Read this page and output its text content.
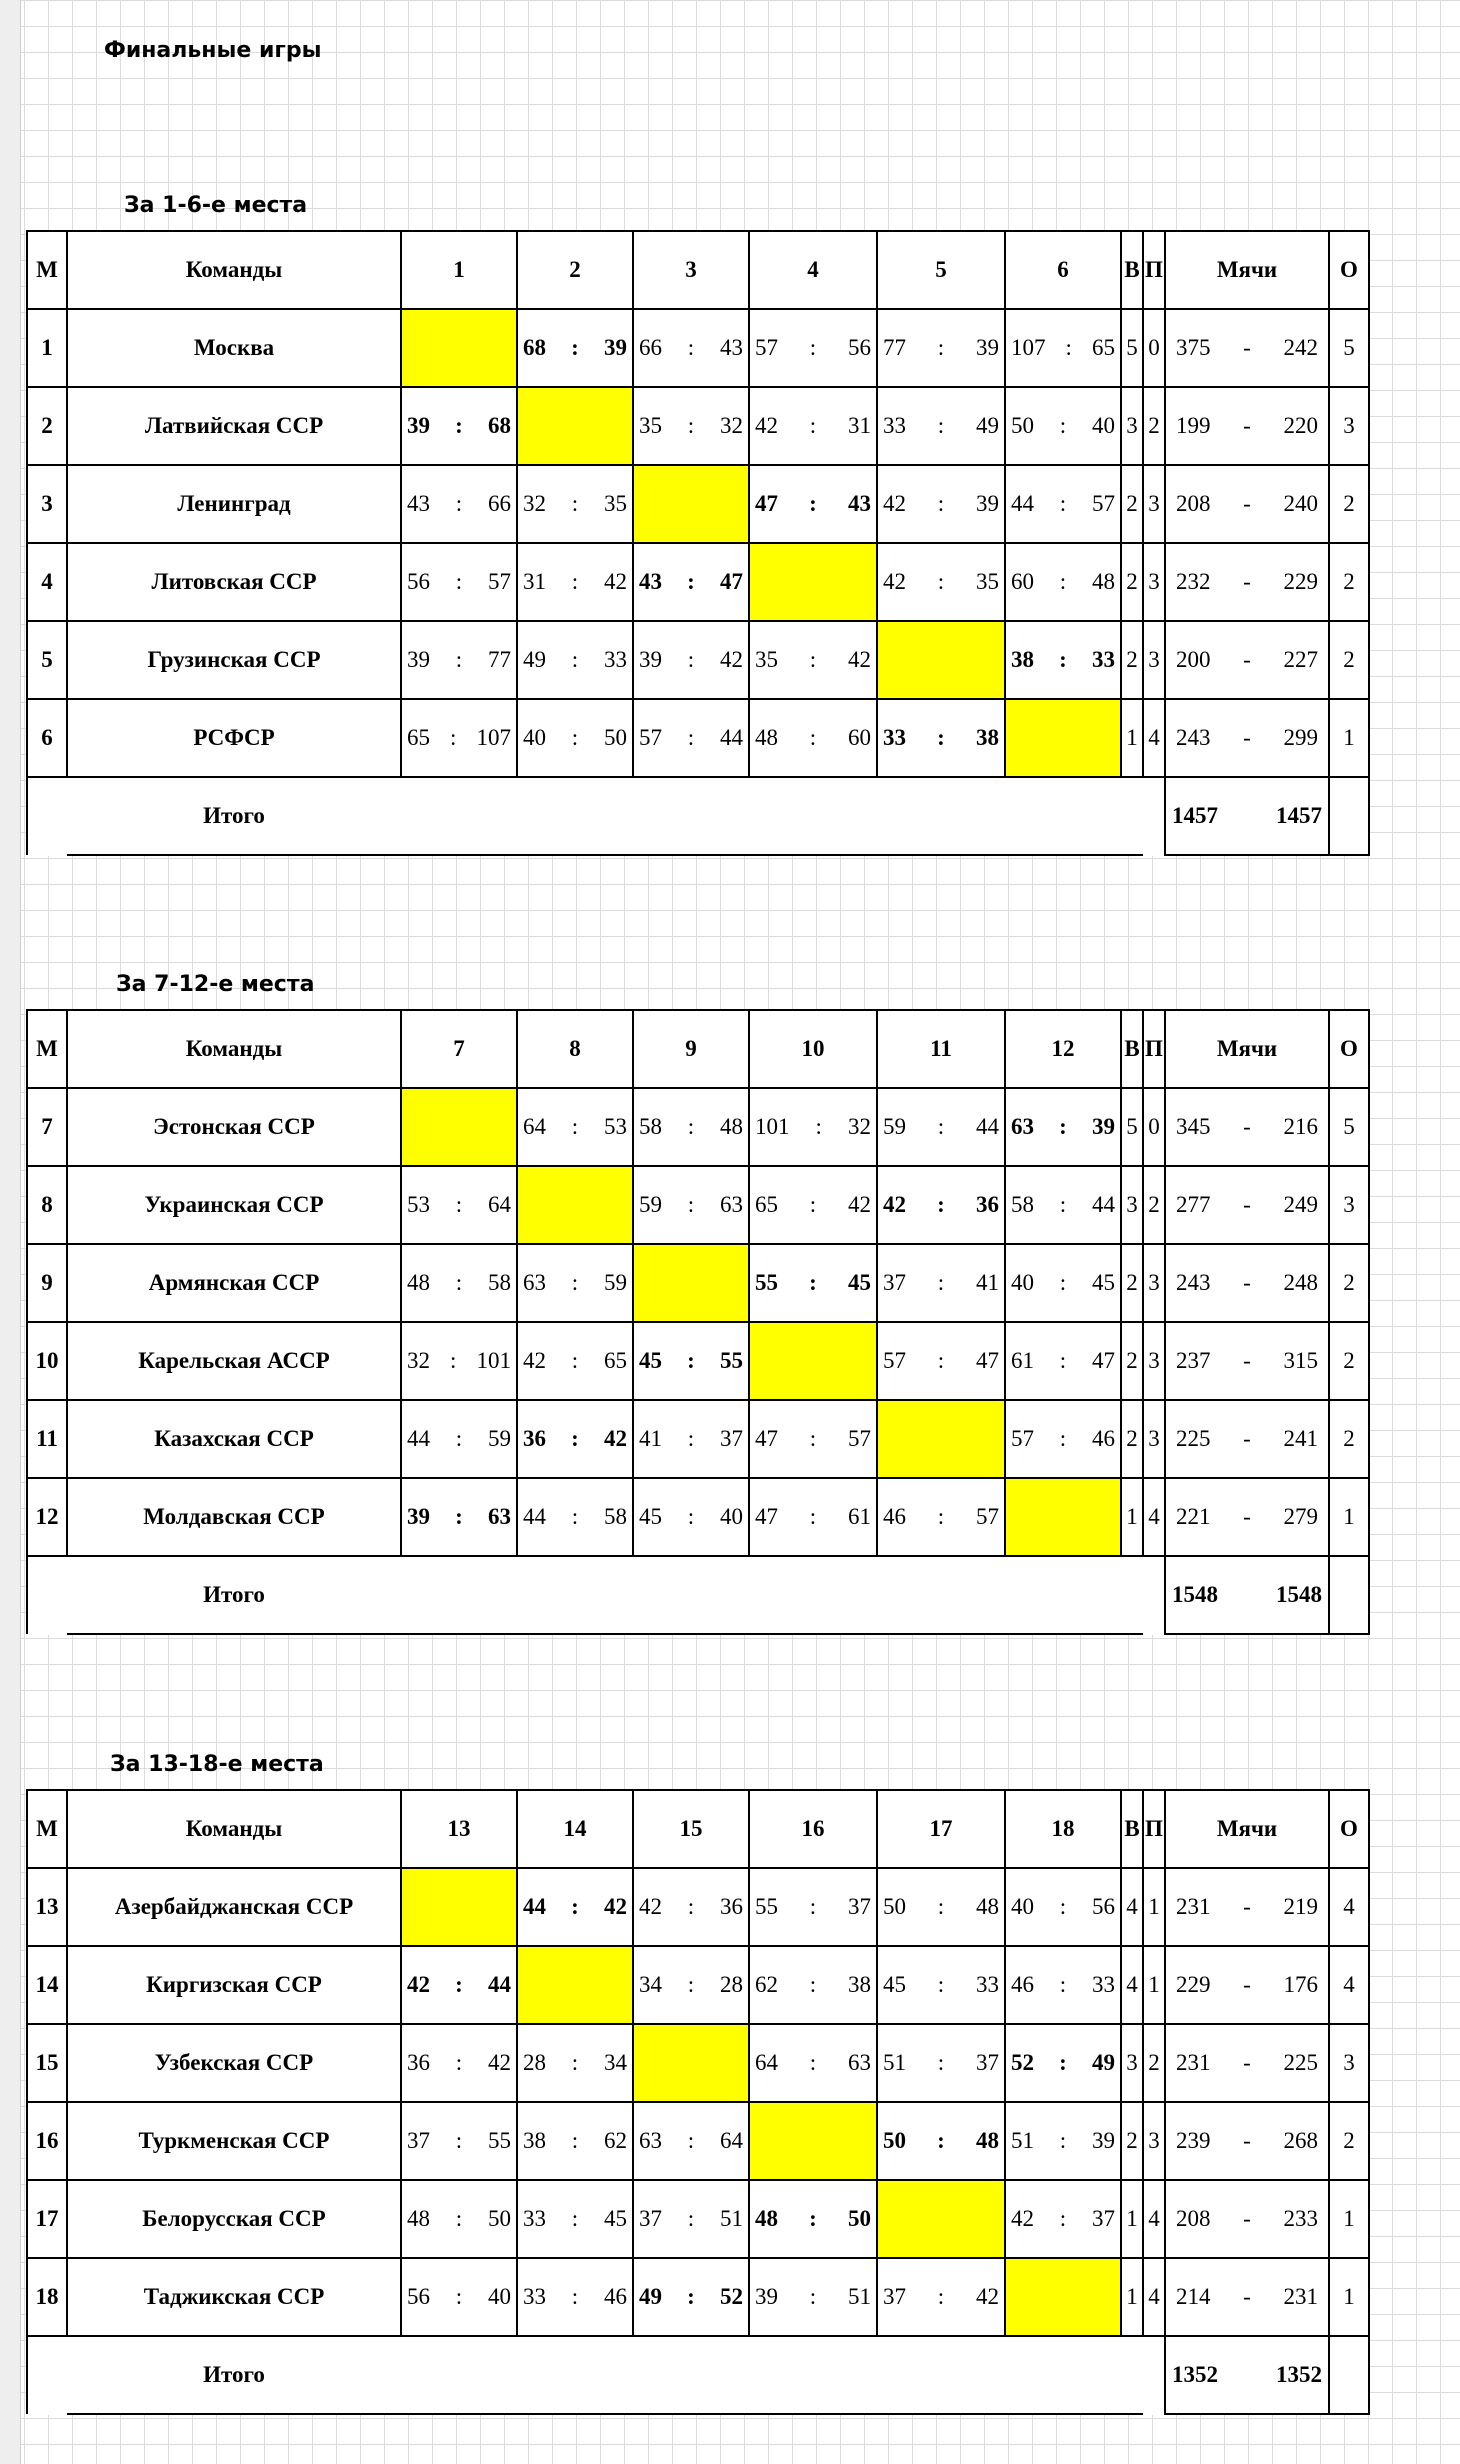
Финальные игры
За 1-6-е места
За 7-12-е места
За 13-18-е места
М	Команды	1	2	3	4	5	6	В	П	Мячи	О
1	Москва		68 : 39	66 : 43	57 : 56	77 : 39	107 : 65	5	0	375 - 242	5
2	Латвийская ССР	39 : 68		35 : 32	42 : 31	33 : 49	50 : 40	3	2	199 - 220	3
3	Ленинград	43 : 66	32 : 35		47 : 43	42 : 39	44 : 57	2	3	208 - 240	2
4	Литовская ССР	56 : 57	31 : 42	43 : 47		42 : 35	60 : 48	2	3	232 - 229	2
5	Грузинская ССР	39 : 77	49 : 33	39 : 42	35 : 42		38 : 33	2	3	200 - 227	2
6	РСФСР	65 : 107	40 : 50	57 : 44	48 : 60	33 : 38		1	4	243 - 299	1
	Итого									1457 1457	

М	Команды	7	8	9	10	11	12	В	П	Мячи	О
7	Эстонская ССР		64 : 53	58 : 48	101 : 32	59 : 44	63 : 39	5	0	345 - 216	5
8	Украинская ССР	53 : 64		59 : 63	65 : 42	42 : 36	58 : 44	3	2	277 - 249	3
9	Армянская ССР	48 : 58	63 : 59		55 : 45	37 : 41	40 : 45	2	3	243 - 248	2
10	Карельская АССР	32 : 101	42 : 65	45 : 55		57 : 47	61 : 47	2	3	237 - 315	2
11	Казахская ССР	44 : 59	36 : 42	41 : 37	47 : 57		57 : 46	2	3	225 - 241	2
12	Молдавская ССР	39 : 63	44 : 58	45 : 40	47 : 61	46 : 57		1	4	221 - 279	1
	Итого									1548 1548	

М	Команды	13	14	15	16	17	18	В	П	Мячи	О
13	Азербайджанская ССР		44 : 42	42 : 36	55 : 37	50 : 48	40 : 56	4	1	231 - 219	4
14	Киргизская ССР	42 : 44		34 : 28	62 : 38	45 : 33	46 : 33	4	1	229 - 176	4
15	Узбекская ССР	36 : 42	28 : 34		64 : 63	51 : 37	52 : 49	3	2	231 - 225	3
16	Туркменская ССР	37 : 55	38 : 62	63 : 64		50 : 48	51 : 39	2	3	239 - 268	2
17	Белорусская ССР	48 : 50	33 : 45	37 : 51	48 : 50		42 : 37	1	4	208 - 233	1
18	Таджикская ССР	56 : 40	33 : 46	49 : 52	39 : 51	37 : 42		1	4	214 - 231	1
	Итого									1352 1352	
